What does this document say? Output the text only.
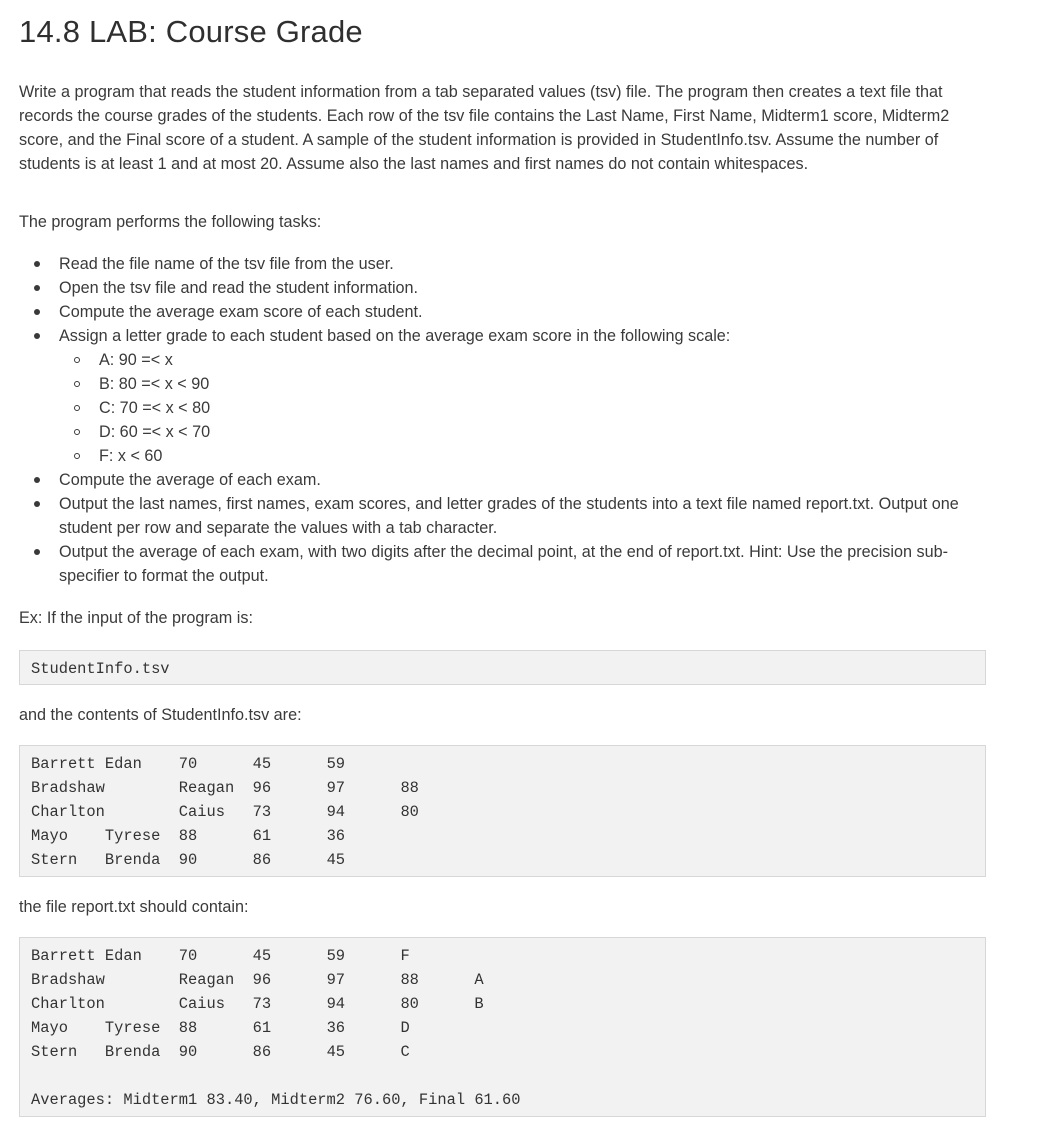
14.8 LAB: Course Grade

Write a program that reads the student information from a tab separated values (tsv) file. The program then creates a text file that records the course grades of the students. Each row of the tsv file contains the Last Name, First Name, Midterm1 score, Midterm2 score, and the Final score of a student. A sample of the student information is provided in StudentInfo.tsv. Assume the number of students is at least 1 and at most 20. Assume also the last names and first names do not contain whitespaces.

The program performs the following tasks:

Read the file name of the tsv file from the user.
Open the tsv file and read the student information.
Compute the average exam score of each student.
Assign a letter grade to each student based on the average exam score in the following scale:
A: 90 =< x
B: 80 =< x < 90
C: 70 =< x < 80
D: 60 =< x < 70
F: x < 60
Compute the average of each exam.
Output the last names, first names, exam scores, and letter grades of the students into a text file named report.txt. Output one student per row and separate the values with a tab character.
Output the average of each exam, with two digits after the decimal point, at the end of report.txt. Hint: Use the precision sub-specifier to format the output.

Ex: If the input of the program is:

StudentInfo.tsv

and the contents of StudentInfo.tsv are:

Barrett	Edan	70	45	59
Bradshaw	Reagan	96	97	88
Charlton	Caius	73	94	80
Mayo	Tyrese	88	61	36
Stern	Brenda	90	86	45

the file report.txt should contain:

Barrett	Edan	70	45	59	F
Bradshaw	Reagan	96	97	88	A
Charlton	Caius	73	94	80	B
Mayo	Tyrese	88	61	36	D
Stern	Brenda	90	86	45	C
Averages: Midterm1 83.40, Midterm2 76.60, Final 61.60
